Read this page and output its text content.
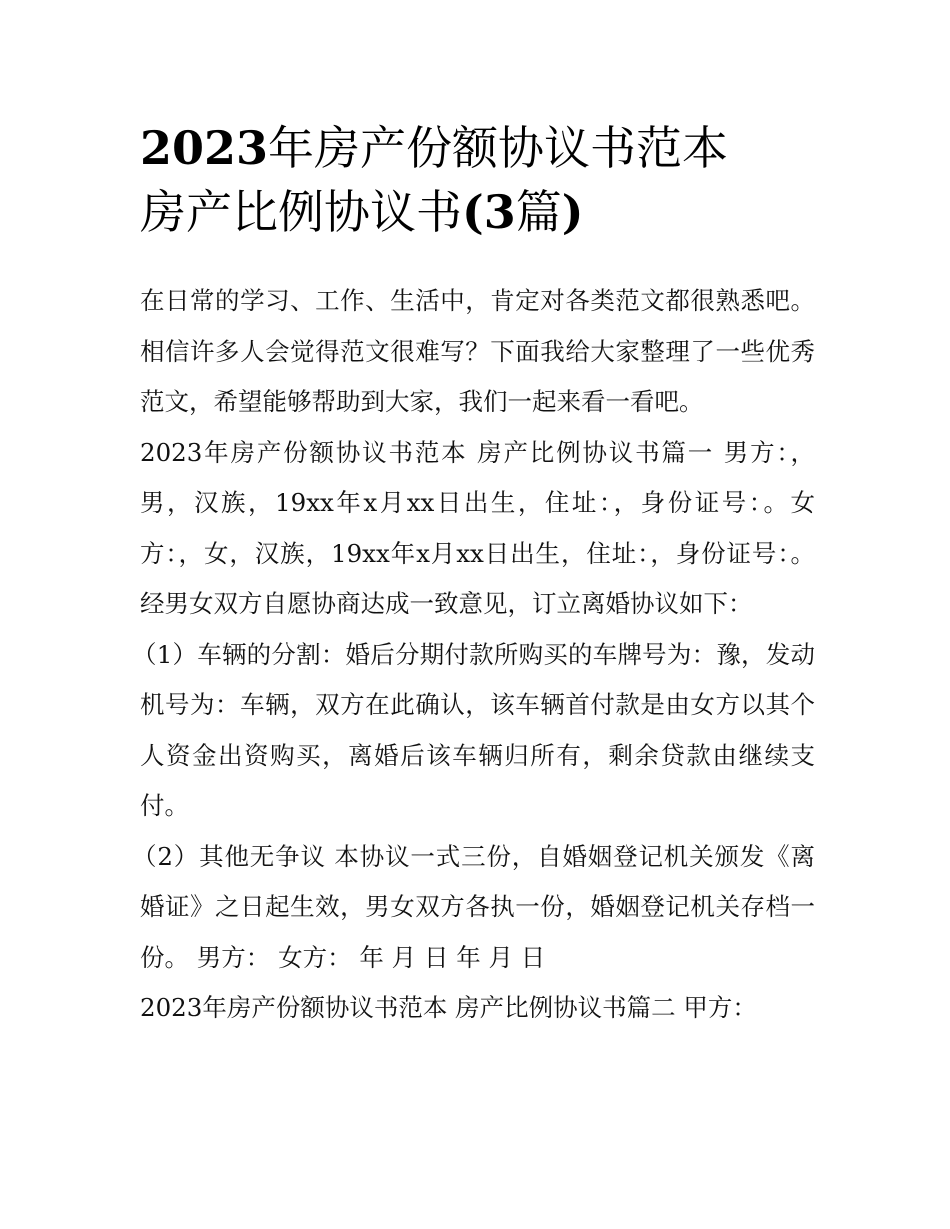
2023年房产份额协议书范本
房产比例协议书(3篇)

在日常的学习、工作、生活中，肯定对各类范文都很熟悉吧。相信许多人会觉得范文很难写？下面我给大家整理了一些优秀范文，希望能够帮助到大家，我们一起来看一看吧。

2023年房产份额协议书范本 房产比例协议书篇一 男方：，男，汉族，19xx年x月xx日出生，住址：，身份证号：。女方：，女，汉族，19xx年x月xx日出生，住址：，身份证号：。 经男女双方自愿协商达成一致意见，订立离婚协议如下：

（1）车辆的分割：婚后分期付款所购买的车牌号为：豫，发动机号为：车辆，双方在此确认，该车辆首付款是由女方以其个人资金出资购买，离婚后该车辆归所有，剩余贷款由继续支付。

（2）其他无争议 本协议一式三份，自婚姻登记机关颁发《离婚证》之日起生效，男女双方各执一份，婚姻登记机关存档一份。 男方： 女方： 年 月 日 年 月 日

2023年房产份额协议书范本 房产比例协议书篇二 甲方：
